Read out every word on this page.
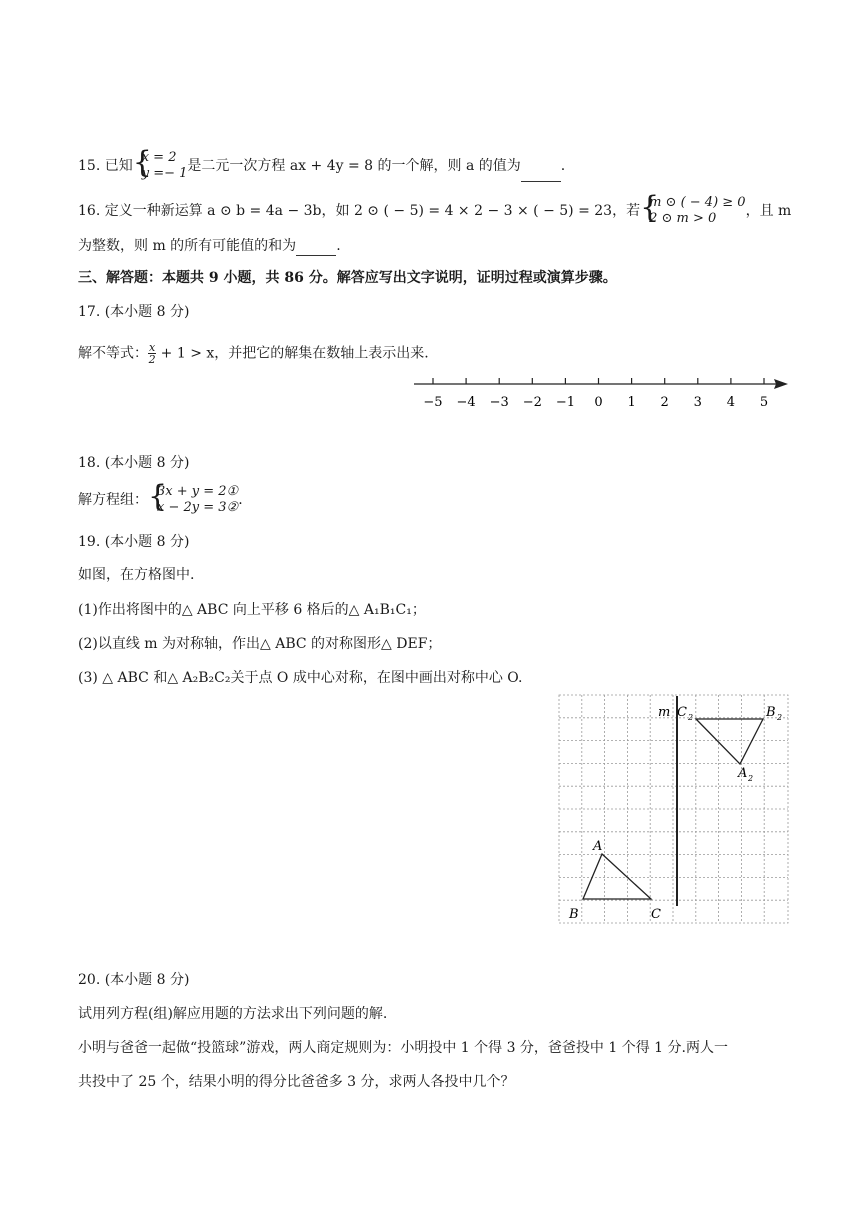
15. 已知 {
x = 2
y =− 1 是二元一次方程 ax + 4y = 8 的一个解，则 a 的值为	.
16. 定义一种新运算 a ⊙ b = 4a − 3b，如 2 ⊙ ( − 5) = 4 × 2 − 3 × ( − 5) = 23，若 {
m ⊙ ( − 4) ≥ 0
2 ⊙ m > 0	，且 m
为整数，则 m 的所有可能值的和为	.
三、解答题：本题共 9 小题，共 86 分。解答应写出文字说明，证明过程或演算步骤。
17. (本小题 8 分)
解不等式： $\frac{x}{2} + 1 > x$，并把它的解集在数轴上表示出来.
−5 −4 −3 −2 −1 0 1 2 3 4 5
18. (本小题 8 分)
解方程组： {
3x + y = 2①
x − 2y = 3② .
19. (本小题 8 分)
如图，在方格图中.
(1)作出将图中的△ ABC 向上平移 6 格后的△ A₁B₁C₁；
(2)以直线 m 为对称轴，作出△ ABC 的对称图形△ DEF；
(3) △ ABC 和△ A₂B₂C₂关于点 O 成中心对称，在图中画出对称中心 O.
m C 2	B 2
A 2
A
B	C
20. (本小题 8 分)
试用列方程(组)解应用题的方法求出下列问题的解.
小明与爸爸一起做“投篮球”游戏，两人商定规则为：小明投中 1 个得 3 分，爸爸投中 1 个得 1 分.两人一
共投中了 25 个，结果小明的得分比爸爸多 3 分，求两人各投中几个？
